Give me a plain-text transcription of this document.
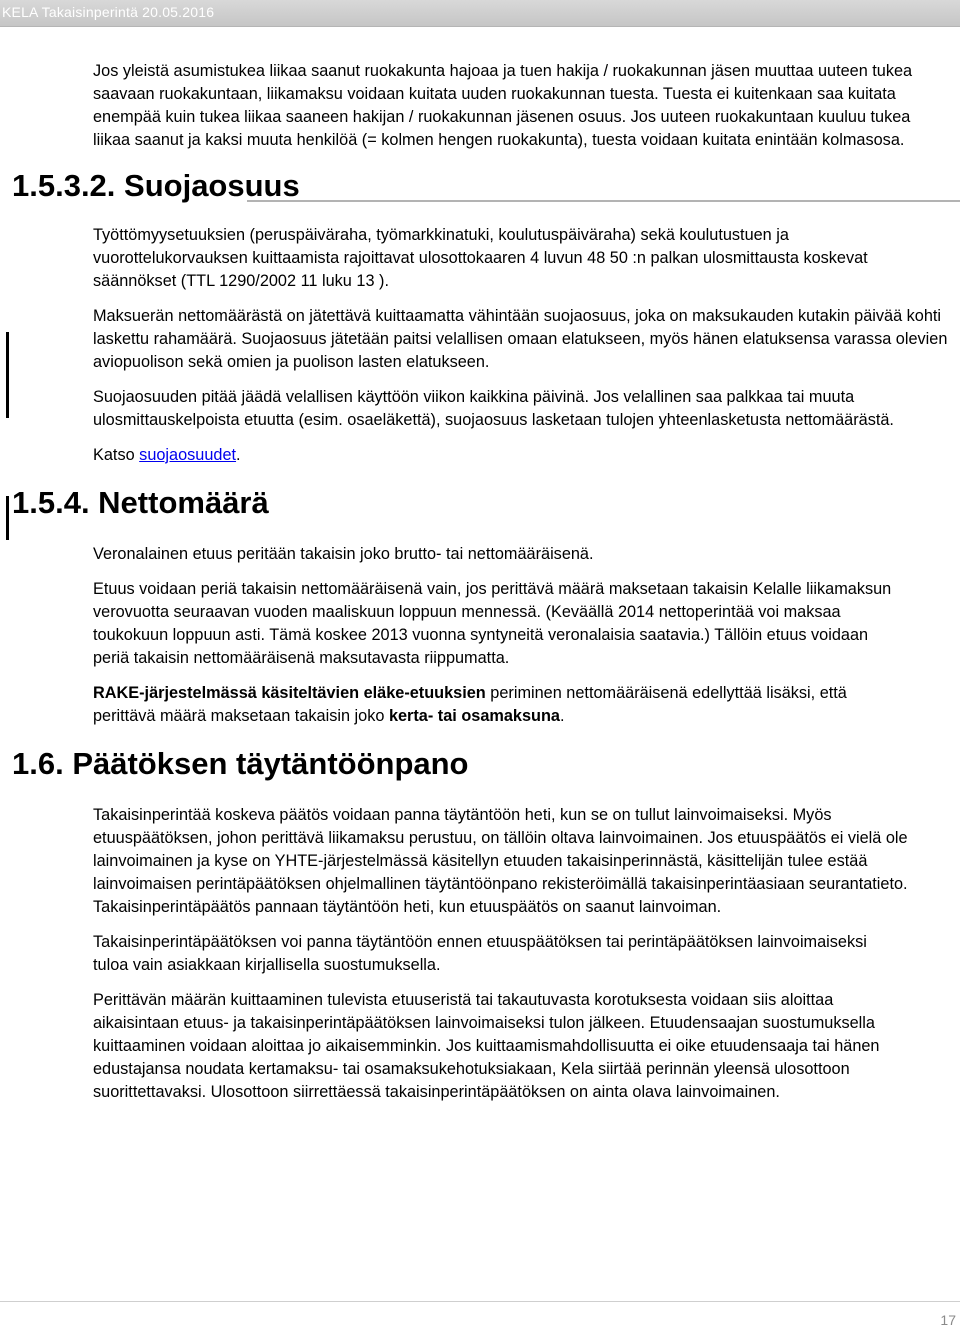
KELA Takaisinperintä 20.05.2016

Jos yleistä asumistukea liikaa saanut ruokakunta hajoaa ja tuen hakija / ruokakunnan jäsen muuttaa uuteen tukea saavaan ruokakuntaan, liikamaksu voidaan kuitata uuden ruokakunnan tuesta. Tuesta ei kuitenkaan saa kuitata enempää kuin tukea liikaa saaneen hakijan / ruokakunnan jäsenen osuus. Jos uuteen ruokakuntaan kuuluu tukea liikaa saanut ja kaksi muuta henkilöä (= kolmen hengen ruokakunta), tuesta voidaan kuitata enintään kolmasosa.

1.5.3.2. Suojaosuus

Työttömyysetuuksien (peruspäiväraha, työmarkkinatuki, koulutuspäiväraha) sekä koulutustuen ja vuorottelukorvauksen kuittaamista rajoittavat ulosottokaaren 4 luvun 48 50 :n palkan ulosmittausta koskevat säännökset (TTL 1290/2002 11 luku 13 ).

Maksuerän nettomäärästä on jätettävä kuittaamatta vähintään suojaosuus, joka on maksukauden kutakin päivää kohti laskettu rahamäärä. Suojaosuus jätetään paitsi velallisen omaan elatukseen, myös hänen elatuksensa varassa olevien aviopuolison sekä omien ja puolison lasten elatukseen.

Suojaosuuden pitää jäädä velallisen käyttöön viikon kaikkina päivinä. Jos velallinen saa palkkaa tai muuta ulosmittauskelpoista etuutta (esim. osaeläkettä), suojaosuus lasketaan tulojen yhteenlasketusta nettomäärästä.

Katso suojaosuudet.

1.5.4. Nettomäärä

Veronalainen etuus peritään takaisin joko brutto- tai nettomääräisenä.

Etuus voidaan periä takaisin nettomääräisenä vain, jos perittävä määrä maksetaan takaisin Kelalle liikamaksun verovuotta seuraavan vuoden maaliskuun loppuun mennessä. (Keväällä 2014 nettoperintää voi maksaa toukokuun loppuun asti. Tämä koskee 2013 vuonna syntyneitä veronalaisia saatavia.) Tällöin etuus voidaan periä takaisin nettomääräisenä maksutavasta riippumatta.

RAKE-järjestelmässä käsiteltävien eläke-etuuksien periminen nettomääräisenä edellyttää lisäksi, että perittävä määrä maksetaan takaisin joko kerta- tai osamaksuna.

1.6. Päätöksen täytäntöönpano

Takaisinperintää koskeva päätös voidaan panna täytäntöön heti, kun se on tullut lainvoimaiseksi. Myös etuuspäätöksen, johon perittävä liikamaksu perustuu, on tällöin oltava lainvoimainen. Jos etuuspäätös ei vielä ole lainvoimainen ja kyse on YHTE-järjestelmässä käsitellyn etuuden takaisinperinnästä, käsittelijän tulee estää lainvoimaisen perintäpäätöksen ohjelmallinen täytäntöönpano rekisteröimällä takaisinperintäasiaan seurantatieto. Takaisinperintäpäätös pannaan täytäntöön heti, kun etuuspäätös on saanut lainvoiman.

Takaisinperintäpäätöksen voi panna täytäntöön ennen etuuspäätöksen tai perintäpäätöksen lainvoimaiseksi tuloa vain asiakkaan kirjallisella suostumuksella.

Perittävän määrän kuittaaminen tulevista etuuseristä tai takautuvasta korotuksesta voidaan siis aloittaa aikaisintaan etuus- ja takaisinperintäpäätöksen lainvoimaiseksi tulon jälkeen. Etuudensaajan suostumuksella kuittaaminen voidaan aloittaa jo aikaisemminkin. Jos kuittaamismahdollisuutta ei oike etuudensaaja tai hänen edustajansa noudata kertamaksu- tai osamaksukehotuksiakaan, Kela siirtää perinnän yleensä ulosottoon suorittettavaksi. Ulosottoon siirrettäessä takaisinperintäpäätöksen on ainta olava lainvoimainen.

17
